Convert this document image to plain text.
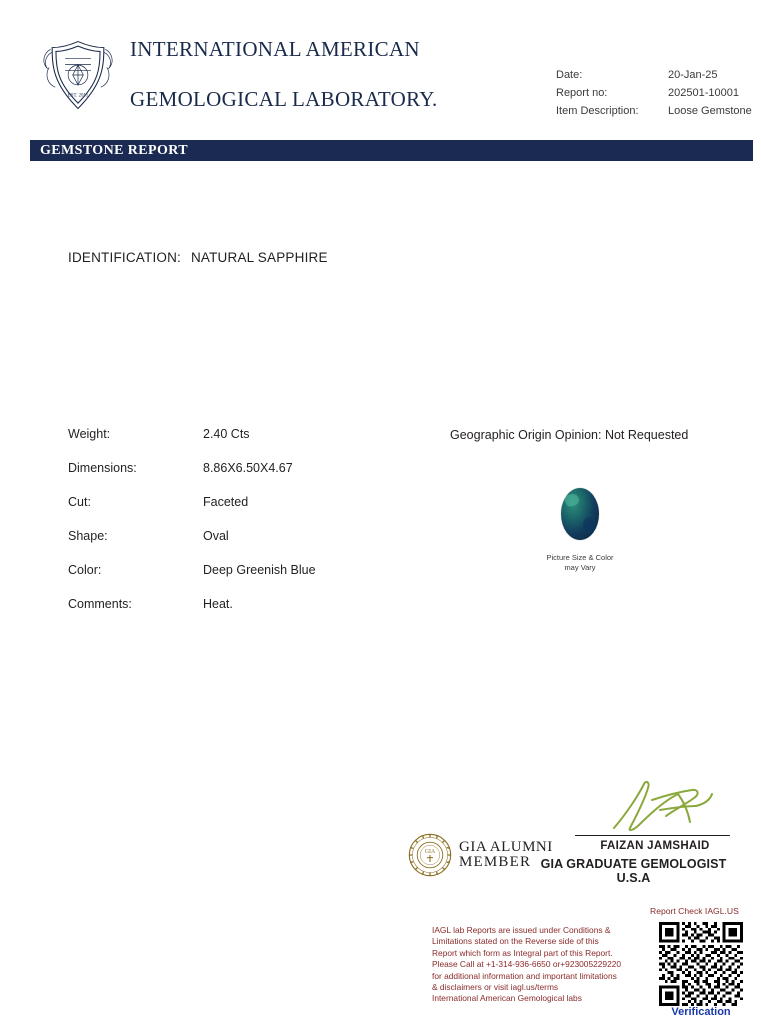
EST. 2011

INTERNATIONAL AMERICAN

GEMOLOGICAL LABORATORY.

Date:	20-Jan-25
Report no:	202501-10001
Item Description:	Loose Gemstone
GEMSTONE REPORT
IDENTIFICATION: NATURAL SAPPHIRE
Weight:	2.40 Cts
Dimensions:	8.86X6.50X4.67
Cut:	Faceted
Shape:	Oval
Color:	Deep Greenish Blue
Comments:	Heat.
Geographic Origin Opinion: Not Requested
Picture Size & Color
may Vary
FAIZAN JAMSHAID
GIA GRADUATE GEMOLOGIST U.S.A
GIA GIA ALUMNI
MEMBER

IAGL lab Reports are issued under Conditions &

Limitations stated on the Reverse side of this

Report which form as Integral part of this Report.

Please Call at +1-314-936-6650 or+923005229220

for additional information and important limitations

& disclaimers or visit iagl.us/terms

International American Gemological labs

Report Check IAGL.US
Verification
